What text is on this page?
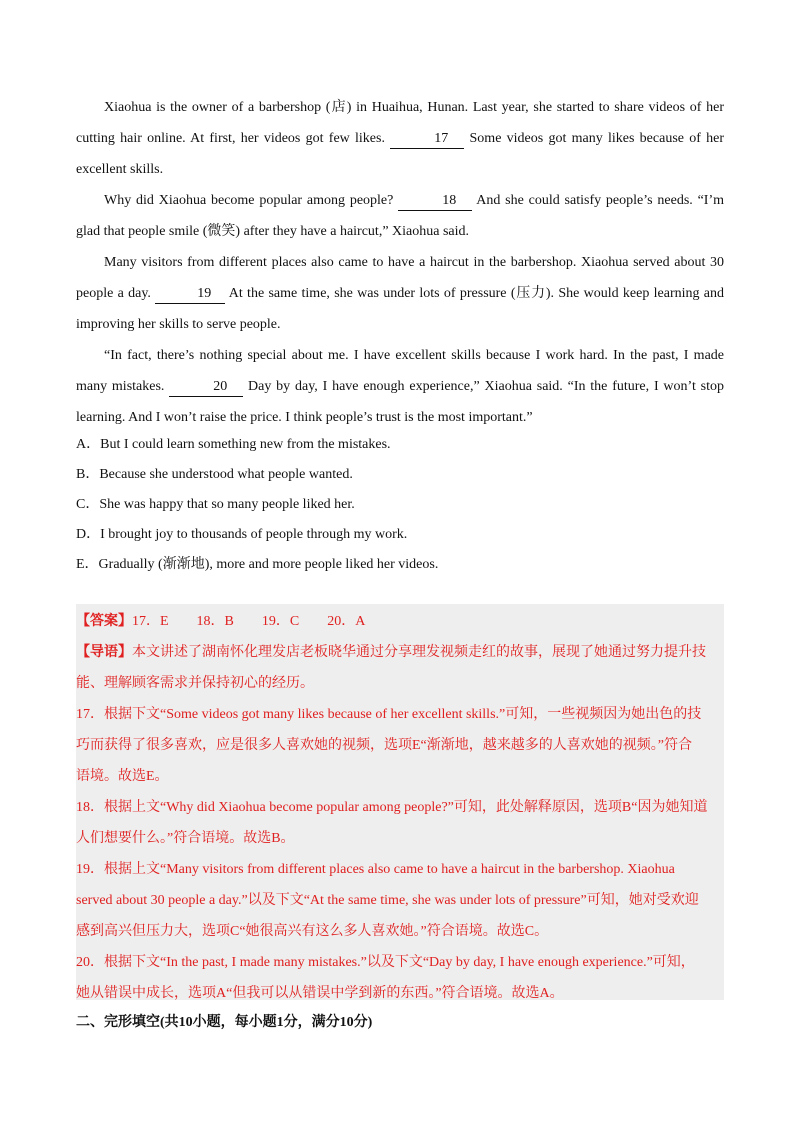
Xiaohua is the owner of a barbershop (店) in Huaihua, Hunan. Last year, she started to share videos of her cutting hair online. At first, her videos got few likes.	17 Some videos got many likes because of her excellent skills.

Why did Xiaohua become popular among people?	18 And she could satisfy people’s needs. “I’m glad that people smile (微笑) after they have a haircut,” Xiaohua said.

Many visitors from different places also came to have a haircut in the barbershop. Xiaohua served about 30 people a day.	19 At the same time, she was under lots of pressure (压力). She would keep learning and improving her skills to serve people.

“In fact, there’s nothing special about me. I have excellent skills because I work hard. In the past, I made many mistakes.	20 Day by day, I have enough experience,” Xiaohua said. “In the future, I won’t stop learning. And I won’t raise the price. I think people’s trust is the most important.”

A．But I could learn something new from the mistakes.
B．Because she understood what people wanted.
C．She was happy that so many people liked her.
D．I brought joy to thousands of people through my work.
E．Gradually (渐渐地), more and more people liked her videos.
【答案】17．E　　18．B　　19．C　　20．A
【导语】本文讲述了湖南怀化理发店老板晓华通过分享理发视频走红的故事，展现了她通过努力提升技
能、理解顾客需求并保持初心的经历。
17．根据下文“Some videos got many likes because of her excellent skills.”可知，一些视频因为她出色的技
巧而获得了很多喜欢，应是很多人喜欢她的视频，选项E“渐渐地，越来越多的人喜欢她的视频。”符合
语境。故选E。
18．根据上文“Why did Xiaohua become popular among people?”可知，此处解释原因，选项B“因为她知道
人们想要什么。”符合语境。故选B。
19．根据上文“Many visitors from different places also came to have a haircut in the barbershop. Xiaohua
served about 30 people a day.”以及下文“At the same time, she was under lots of pressure”可知，她对受欢迎
感到高兴但压力大，选项C“她很高兴有这么多人喜欢她。”符合语境。故选C。
20．根据下文“In the past, I made many mistakes.”以及下文“Day by day, I have enough experience.”可知，
她从错误中成长，选项A“但我可以从错误中学到新的东西。”符合语境。故选A。
二、完形填空(共10小题，每小题1分，满分10分)
